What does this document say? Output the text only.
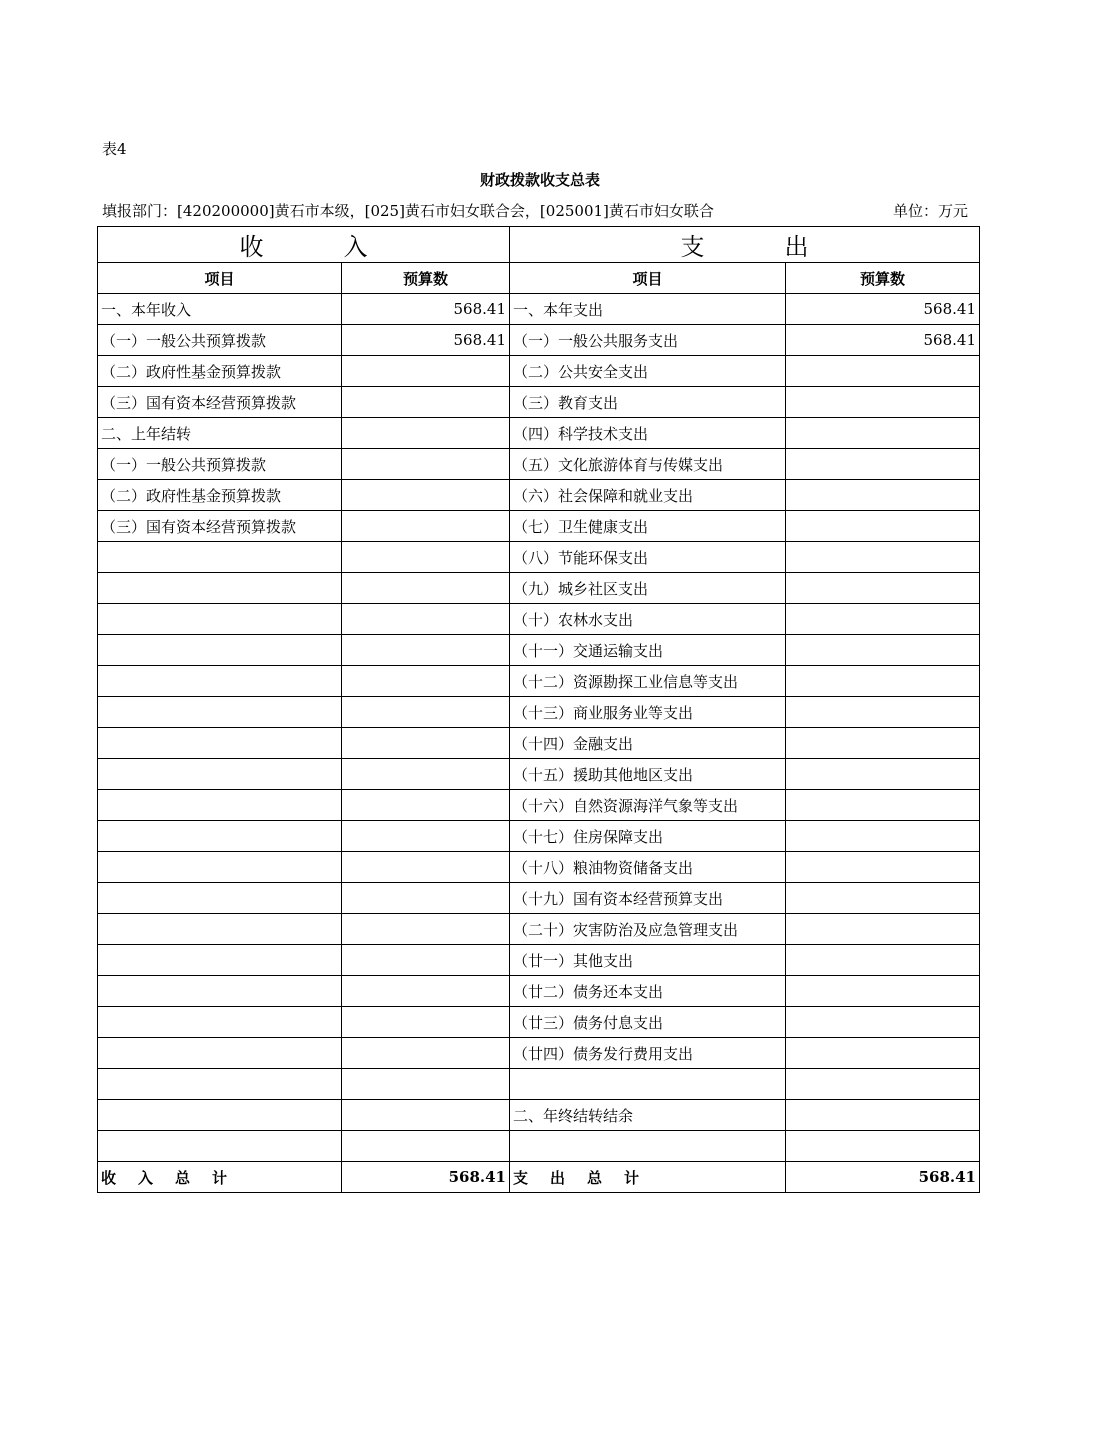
表4
财政拨款收支总表
填报部门：[420200000]黄石市本级，[025]黄石市妇女联合会，[025001]黄石市妇女联合	单位：万元
收 入		支 出	
项目	预算数	项目	预算数
一、本年收入	568.41	一、本年支出	568.41
（一）一般公共预算拨款	568.41	（一）一般公共服务支出	568.41
（二）政府性基金预算拨款		（二）公共安全支出	
（三）国有资本经营预算拨款		（三）教育支出	
二、上年结转		（四）科学技术支出	
（一）一般公共预算拨款		（五）文化旅游体育与传媒支出	
（二）政府性基金预算拨款		（六）社会保障和就业支出	
（三）国有资本经营预算拨款		（七）卫生健康支出	
		（八）节能环保支出	
		（九）城乡社区支出	
		（十）农林水支出	
		（十一）交通运输支出	
		（十二）资源勘探工业信息等支出	
		（十三）商业服务业等支出	
		（十四）金融支出	
		（十五）援助其他地区支出	
		（十六）自然资源海洋气象等支出	
		（十七）住房保障支出	
		（十八）粮油物资储备支出	
		（十九）国有资本经营预算支出	
		（二十）灾害防治及应急管理支出	
		（廿一）其他支出	
		（廿二）债务还本支出	
		（廿三）债务付息支出	
		（廿四）债务发行费用支出	

		二、年终结转结余	

收入总计	568.41	支出总计	568.41
